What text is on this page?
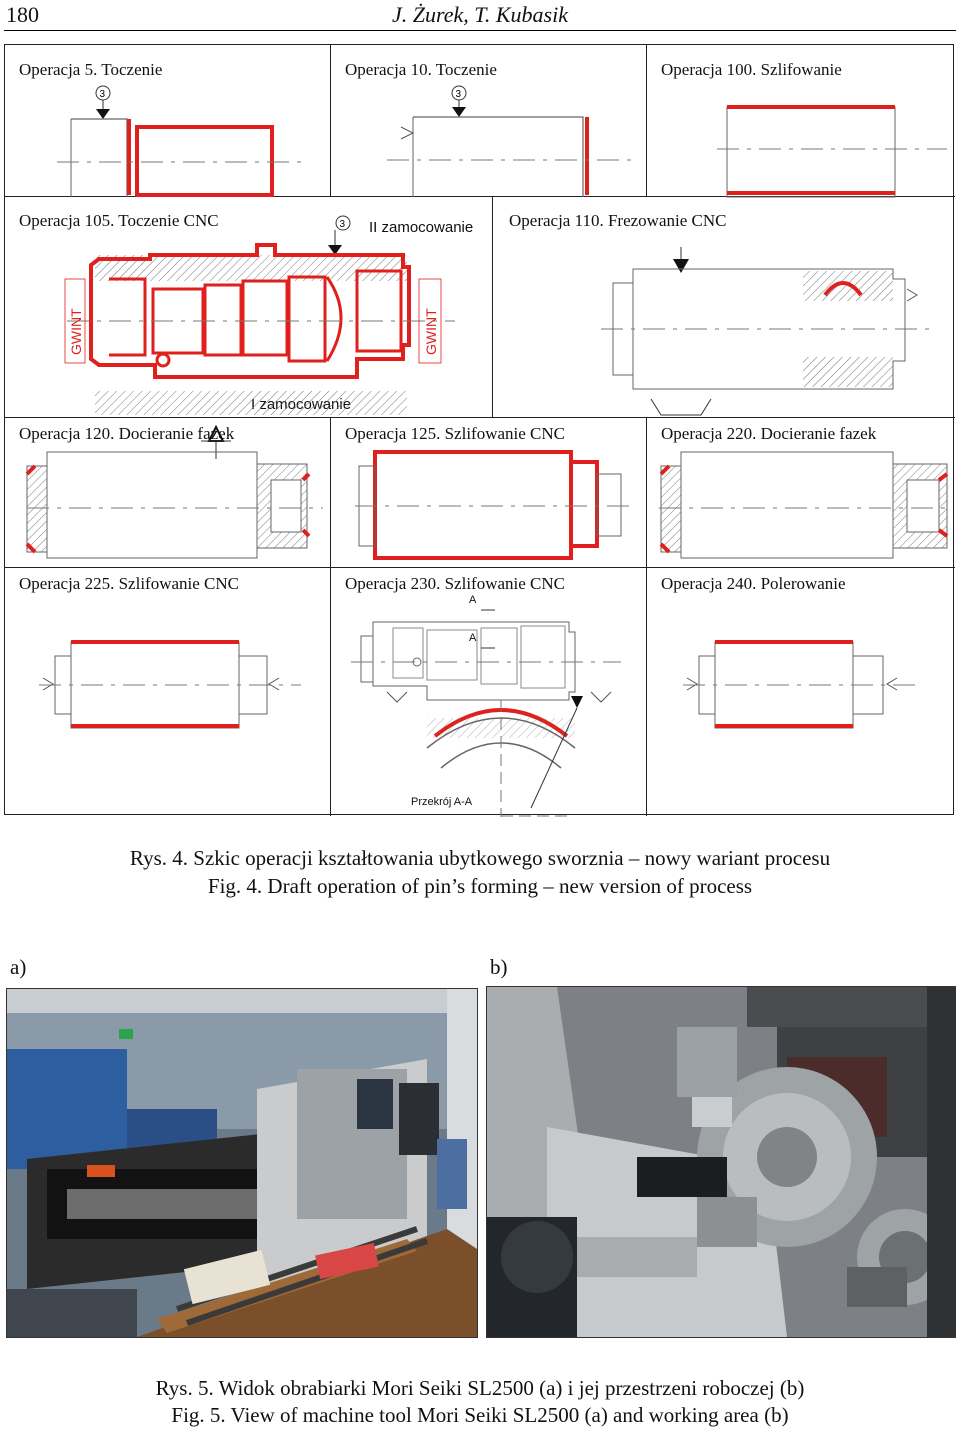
180	J. Żurek, T. Kubasik
Operacja 5. Toczenie
3
Operacja 10. Toczenie
3
Operacja 100. Szlifowanie
Operacja 105. Toczenie CNC	II zamocowanie
3
GWINT	GWINT
Operacja 110. Frezowanie CNC
Operacja 120. Docieranie fazek	Operacja 125. Szlifowanie CNC	Operacja 220. Docieranie fazek
Operacja 225. Szlifowanie CNC	Operacja 230. Szlifowanie CNC
A
A
Przekrój A-A
Operacja 240. Polerowanie
Rys. 4. Szkic operacji kształtowania ubytkowego sworznia – nowy wariant procesu
Fig. 4. Draft operation of pin’s forming – new version of process
a)	b)
Rys. 5. Widok obrabiarki Mori Seiki SL2500 (a) i jej przestrzeni roboczej (b)
Fig. 5. View of machine tool Mori Seiki SL2500 (a) and working area (b)
